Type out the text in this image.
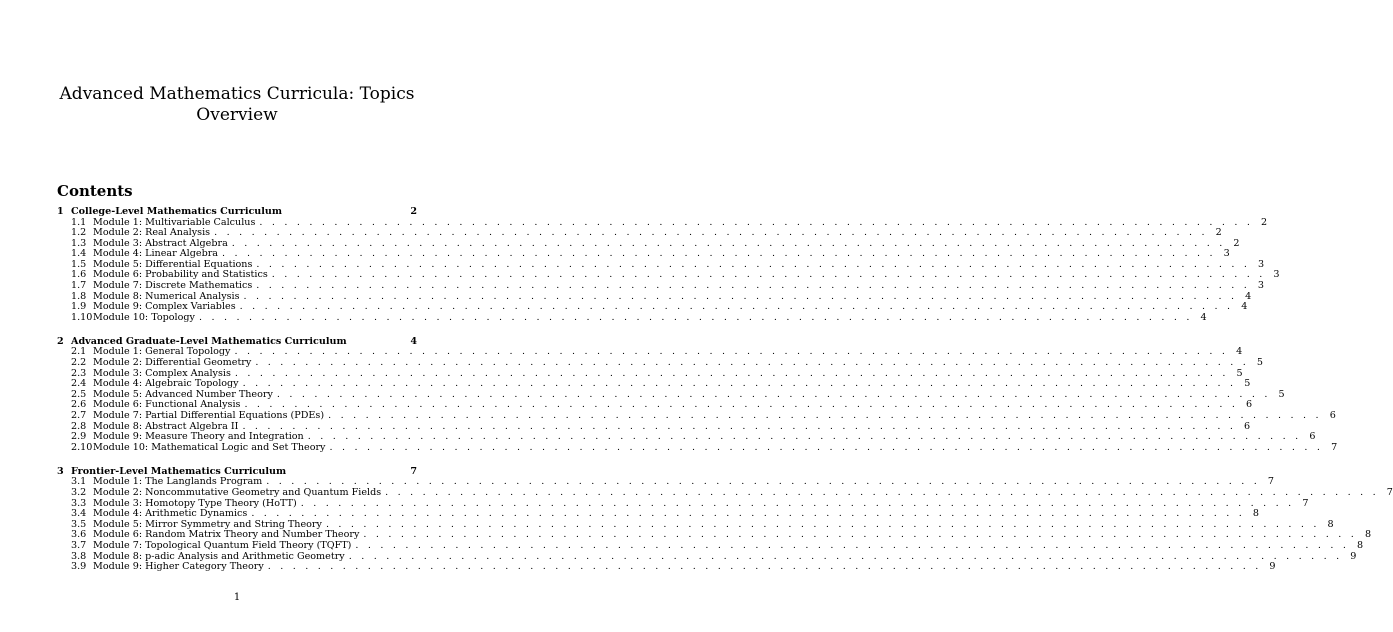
Advanced Mathematics Curricula: Topics
Overview
Contents
1 College-Level Mathematics Curriculum	2
1.1 Module 1: Multivariable Calculus . . . . . . . . . . . . . . . . . . . . . . . . . . . . . . . . . . . . . . . . . . . . . . . . . . . . . . . . . . . . . . . . . . . . . . . . . . . . . . . . 2
1.2 Module 2: Real Analysis . . . . . . . . . . . . . . . . . . . . . . . . . . . . . . . . . . . . . . . . . . . . . . . . . . . . . . . . . . . . . . . . . . . . . . . . . . . . . . . . 2
1.3 Module 3: Abstract Algebra . . . . . . . . . . . . . . . . . . . . . . . . . . . . . . . . . . . . . . . . . . . . . . . . . . . . . . . . . . . . . . . . . . . . . . . . . . . . . . . . 2
1.4 Module 4: Linear Algebra . . . . . . . . . . . . . . . . . . . . . . . . . . . . . . . . . . . . . . . . . . . . . . . . . . . . . . . . . . . . . . . . . . . . . . . . . . . . . . . . 3
1.5 Module 5: Differential Equations . . . . . . . . . . . . . . . . . . . . . . . . . . . . . . . . . . . . . . . . . . . . . . . . . . . . . . . . . . . . . . . . . . . . . . . . . . . . . . . . 3
1.6 Module 6: Probability and Statistics . . . . . . . . . . . . . . . . . . . . . . . . . . . . . . . . . . . . . . . . . . . . . . . . . . . . . . . . . . . . . . . . . . . . . . . . . . . . . . . . 3
1.7 Module 7: Discrete Mathematics . . . . . . . . . . . . . . . . . . . . . . . . . . . . . . . . . . . . . . . . . . . . . . . . . . . . . . . . . . . . . . . . . . . . . . . . . . . . . . . . 3
1.8 Module 8: Numerical Analysis . . . . . . . . . . . . . . . . . . . . . . . . . . . . . . . . . . . . . . . . . . . . . . . . . . . . . . . . . . . . . . . . . . . . . . . . . . . . . . . . 4
1.9 Module 9: Complex Variables . . . . . . . . . . . . . . . . . . . . . . . . . . . . . . . . . . . . . . . . . . . . . . . . . . . . . . . . . . . . . . . . . . . . . . . . . . . . . . . . 4
1.10 Module 10: Topology . . . . . . . . . . . . . . . . . . . . . . . . . . . . . . . . . . . . . . . . . . . . . . . . . . . . . . . . . . . . . . . . . . . . . . . . . . . . . . . . 4
2 Advanced Graduate-Level Mathematics Curriculum	4
2.1 Module 1: General Topology . . . . . . . . . . . . . . . . . . . . . . . . . . . . . . . . . . . . . . . . . . . . . . . . . . . . . . . . . . . . . . . . . . . . . . . . . . . . . . . . 4
2.2 Module 2: Differential Geometry . . . . . . . . . . . . . . . . . . . . . . . . . . . . . . . . . . . . . . . . . . . . . . . . . . . . . . . . . . . . . . . . . . . . . . . . . . . . . . . . 5
2.3 Module 3: Complex Analysis . . . . . . . . . . . . . . . . . . . . . . . . . . . . . . . . . . . . . . . . . . . . . . . . . . . . . . . . . . . . . . . . . . . . . . . . . . . . . . . . 5
2.4 Module 4: Algebraic Topology . . . . . . . . . . . . . . . . . . . . . . . . . . . . . . . . . . . . . . . . . . . . . . . . . . . . . . . . . . . . . . . . . . . . . . . . . . . . . . . . 5
2.5 Module 5: Advanced Number Theory . . . . . . . . . . . . . . . . . . . . . . . . . . . . . . . . . . . . . . . . . . . . . . . . . . . . . . . . . . . . . . . . . . . . . . . . . . . . . . . . 5
2.6 Module 6: Functional Analysis . . . . . . . . . . . . . . . . . . . . . . . . . . . . . . . . . . . . . . . . . . . . . . . . . . . . . . . . . . . . . . . . . . . . . . . . . . . . . . . . 6
2.7 Module 7: Partial Differential Equations (PDEs) . . . . . . . . . . . . . . . . . . . . . . . . . . . . . . . . . . . . . . . . . . . . . . . . . . . . . . . . . . . . . . . . . . . . . . . . . . . . . . . . 6
2.8 Module 8: Abstract Algebra II . . . . . . . . . . . . . . . . . . . . . . . . . . . . . . . . . . . . . . . . . . . . . . . . . . . . . . . . . . . . . . . . . . . . . . . . . . . . . . . . 6
2.9 Module 9: Measure Theory and Integration . . . . . . . . . . . . . . . . . . . . . . . . . . . . . . . . . . . . . . . . . . . . . . . . . . . . . . . . . . . . . . . . . . . . . . . . . . . . . . . . 6
2.10 Module 10: Mathematical Logic and Set Theory . . . . . . . . . . . . . . . . . . . . . . . . . . . . . . . . . . . . . . . . . . . . . . . . . . . . . . . . . . . . . . . . . . . . . . . . . . . . . . . . 7
3 Frontier-Level Mathematics Curriculum	7
3.1 Module 1: The Langlands Program . . . . . . . . . . . . . . . . . . . . . . . . . . . . . . . . . . . . . . . . . . . . . . . . . . . . . . . . . . . . . . . . . . . . . . . . . . . . . . . . 7
3.2 Module 2: Noncommutative Geometry and Quantum Fields . . . . . . . . . . . . . . . . . . . . . . . . . . . . . . . . . . . . . . . . . . . . . . . . . . . . . . . . . . . . . . . . . . . . . . . . . . . . . . . . 7
3.3 Module 3: Homotopy Type Theory (HoTT) . . . . . . . . . . . . . . . . . . . . . . . . . . . . . . . . . . . . . . . . . . . . . . . . . . . . . . . . . . . . . . . . . . . . . . . . . . . . . . . . 7
3.4 Module 4: Arithmetic Dynamics . . . . . . . . . . . . . . . . . . . . . . . . . . . . . . . . . . . . . . . . . . . . . . . . . . . . . . . . . . . . . . . . . . . . . . . . . . . . . . . . 8
3.5 Module 5: Mirror Symmetry and String Theory . . . . . . . . . . . . . . . . . . . . . . . . . . . . . . . . . . . . . . . . . . . . . . . . . . . . . . . . . . . . . . . . . . . . . . . . . . . . . . . . 8
3.6 Module 6: Random Matrix Theory and Number Theory . . . . . . . . . . . . . . . . . . . . . . . . . . . . . . . . . . . . . . . . . . . . . . . . . . . . . . . . . . . . . . . . . . . . . . . . . . . . . . . . 8
3.7 Module 7: Topological Quantum Field Theory (TQFT) . . . . . . . . . . . . . . . . . . . . . . . . . . . . . . . . . . . . . . . . . . . . . . . . . . . . . . . . . . . . . . . . . . . . . . . . . . . . . . . . 8
3.8 Module 8: p-adic Analysis and Arithmetic Geometry . . . . . . . . . . . . . . . . . . . . . . . . . . . . . . . . . . . . . . . . . . . . . . . . . . . . . . . . . . . . . . . . . . . . . . . . . . . . . . . . 9
3.9 Module 9: Higher Category Theory . . . . . . . . . . . . . . . . . . . . . . . . . . . . . . . . . . . . . . . . . . . . . . . . . . . . . . . . . . . . . . . . . . . . . . . . . . . . . . . . 9
1
